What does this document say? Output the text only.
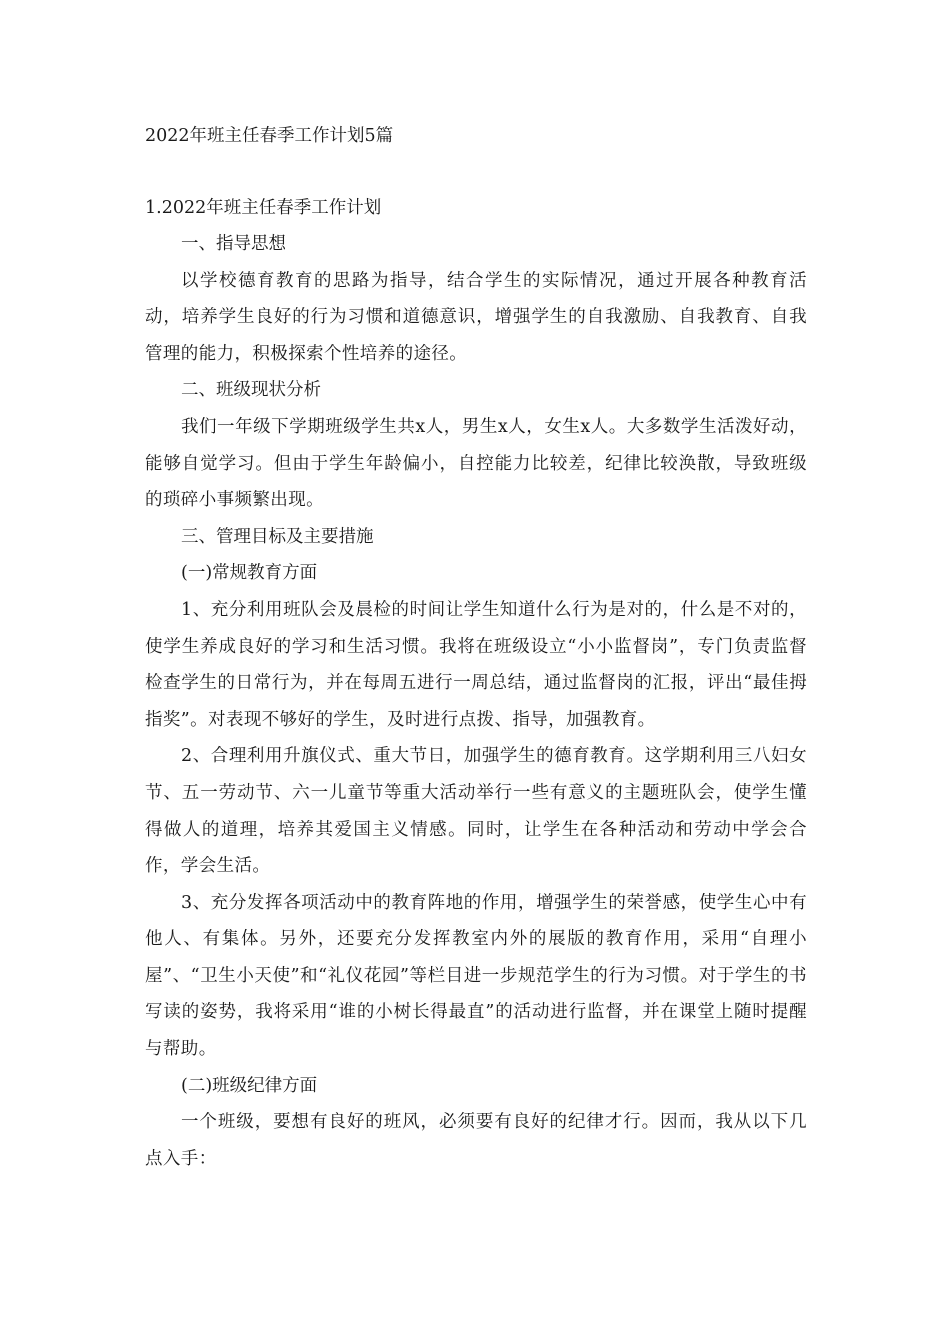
2022年班主任春季工作计划5篇
1.2022年班主任春季工作计划

一、指导思想

以学校德育教育的思路为指导，结合学生的实际情况，通过开展各种教育活动，培养学生良好的行为习惯和道德意识，增强学生的自我激励、自我教育、自我管理的能力，积极探索个性培养的途径。

二、班级现状分析

我们一年级下学期班级学生共x人，男生x人，女生x人。大多数学生活泼好动，能够自觉学习。但由于学生年龄偏小，自控能力比较差，纪律比较涣散，导致班级的琐碎小事频繁出现。

三、管理目标及主要措施

(一)常规教育方面

1、充分利用班队会及晨检的时间让学生知道什么行为是对的，什么是不对的，使学生养成良好的学习和生活习惯。我将在班级设立“小小监督岗”，专门负责监督检查学生的日常行为，并在每周五进行一周总结，通过监督岗的汇报，评出“最佳拇指奖”。对表现不够好的学生，及时进行点拨、指导，加强教育。

2、合理利用升旗仪式、重大节日，加强学生的德育教育。这学期利用三八妇女节、五一劳动节、六一儿童节等重大活动举行一些有意义的主题班队会，使学生懂得做人的道理，培养其爱国主义情感。同时，让学生在各种活动和劳动中学会合作，学会生活。

3、充分发挥各项活动中的教育阵地的作用，增强学生的荣誉感，使学生心中有他人、有集体。另外，还要充分发挥教室内外的展版的教育作用，采用“自理小屋”、“卫生小天使”和“礼仪花园”等栏目进一步规范学生的行为习惯。对于学生的书写读的姿势，我将采用“谁的小树长得最直”的活动进行监督，并在课堂上随时提醒与帮助。

(二)班级纪律方面

一个班级，要想有良好的班风，必须要有良好的纪律才行。因而，我从以下几点入手：
